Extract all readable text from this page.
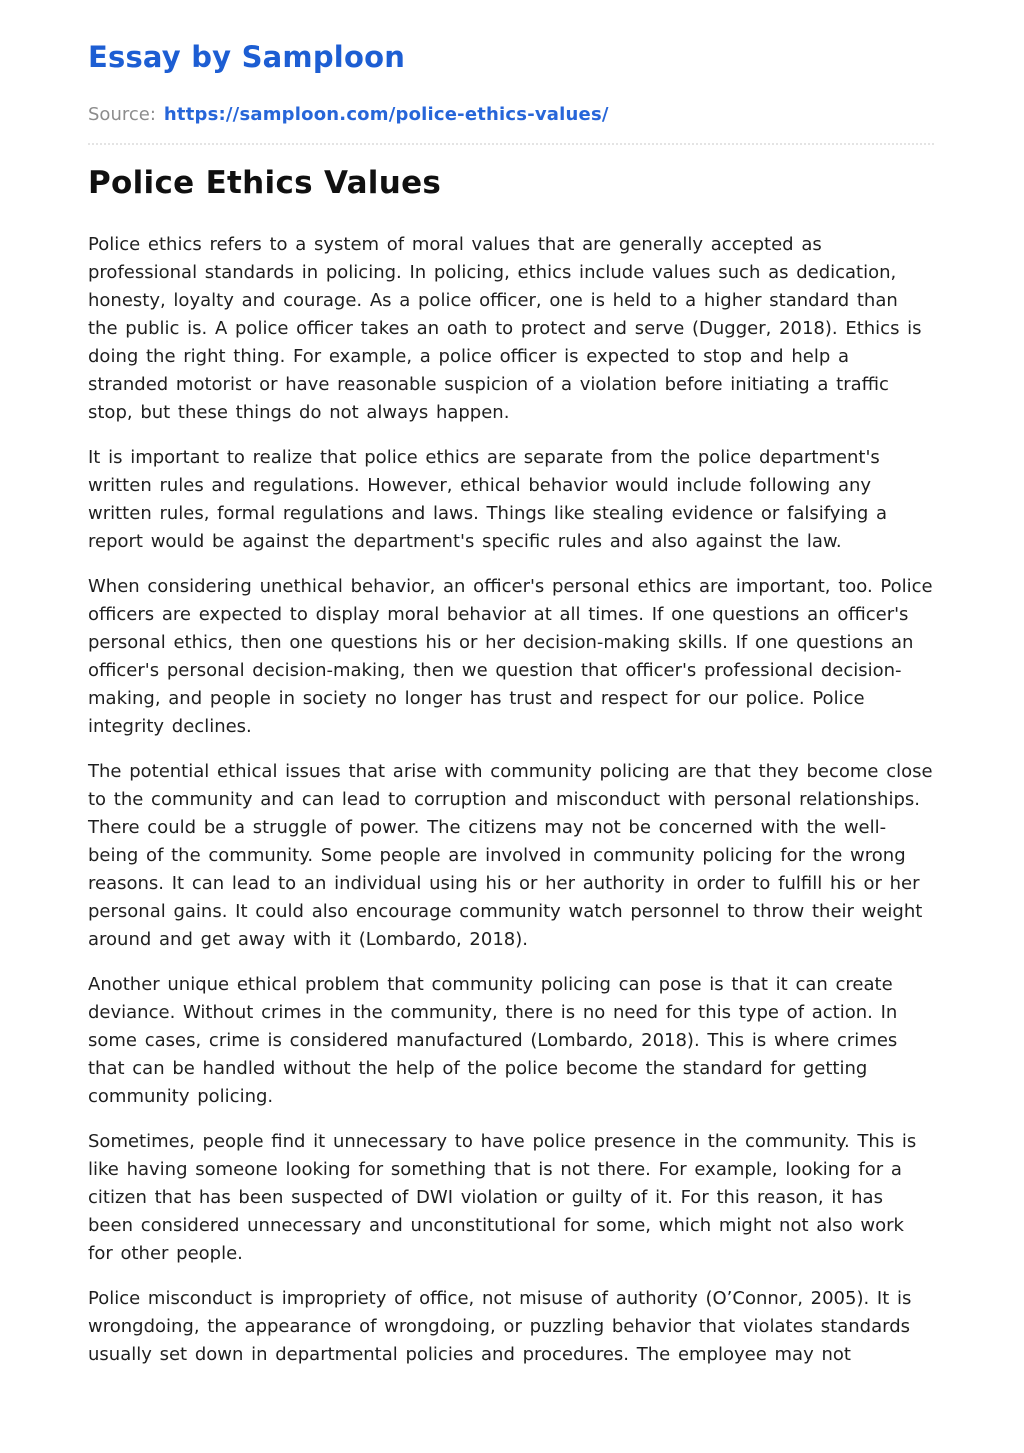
Essay by Samploon
Source: https://samploon.com/police-ethics-values/
Police Ethics Values

Police ethics refers to a system of moral values that are generally accepted as professional standards in policing. In policing, ethics include values such as dedication, honesty, loyalty and courage. As a police officer, one is held to a higher standard than the public is. A police officer takes an oath to protect and serve (Dugger, 2018). Ethics is doing the right thing. For example, a police officer is expected to stop and help a stranded motorist or have reasonable suspicion of a violation before initiating a traffic stop, but these things do not always happen.

It is important to realize that police ethics are separate from the police department's written rules and regulations. However, ethical behavior would include following any written rules, formal regulations and laws. Things like stealing evidence or falsifying a report would be against the department's specific rules and also against the law.

When considering unethical behavior, an officer's personal ethics are important, too. Police officers are expected to display moral behavior at all times. If one questions an officer's personal ethics, then one questions his or her decision-making skills. If one questions an officer's personal decision-making, then we question that officer's professional decision-making, and people in society no longer has trust and respect for our police. Police integrity declines.

The potential ethical issues that arise with community policing are that they become close to the community and can lead to corruption and misconduct with personal relationships. There could be a struggle of power. The citizens may not be concerned with the well-being of the community. Some people are involved in community policing for the wrong reasons. It can lead to an individual using his or her authority in order to fulfill his or her personal gains. It could also encourage community watch personnel to throw their weight around and get away with it (Lombardo, 2018).

Another unique ethical problem that community policing can pose is that it can create deviance. Without crimes in the community, there is no need for this type of action. In some cases, crime is considered manufactured (Lombardo, 2018). This is where crimes that can be handled without the help of the police become the standard for getting community policing.

Sometimes, people find it unnecessary to have police presence in the community. This is like having someone looking for something that is not there. For example, looking for a citizen that has been suspected of DWI violation or guilty of it. For this reason, it has been considered unnecessary and unconstitutional for some, which might not also work for other people.

Police misconduct is impropriety of office, not misuse of authority (O’Connor, 2005). It is wrongdoing, the appearance of wrongdoing, or puzzling behavior that violates standards usually set down in departmental policies and procedures. The employee may not
